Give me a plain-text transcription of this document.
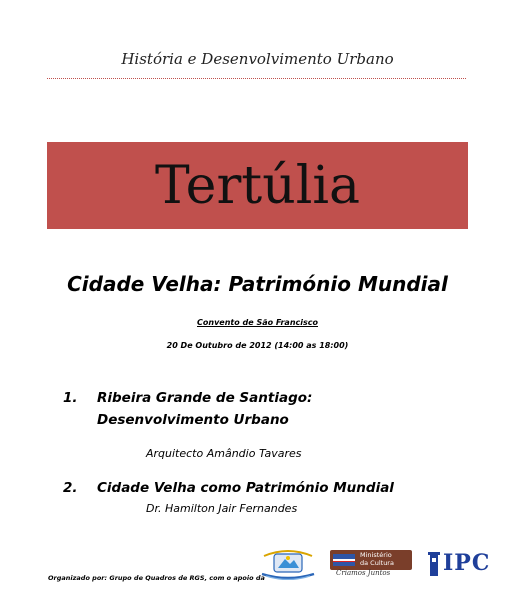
História e Desenvolvimento Urbano
Tertúlia
Cidade Velha: Património Mundial
Convento de São Francisco
20 De Outubro de 2012 (14:00 as 18:00)
1. Ribeira Grande de Santiago: Desenvolvimento Urbano
Arquitecto Amândio Tavares
2. Cidade Velha como Património Mundial
Dr. Hamilton Jair Fernandes
Organizado por: Grupo de Quadros de RGS, com o apoio da
Ministério
da Cultura
Criamos Juntos IPC
